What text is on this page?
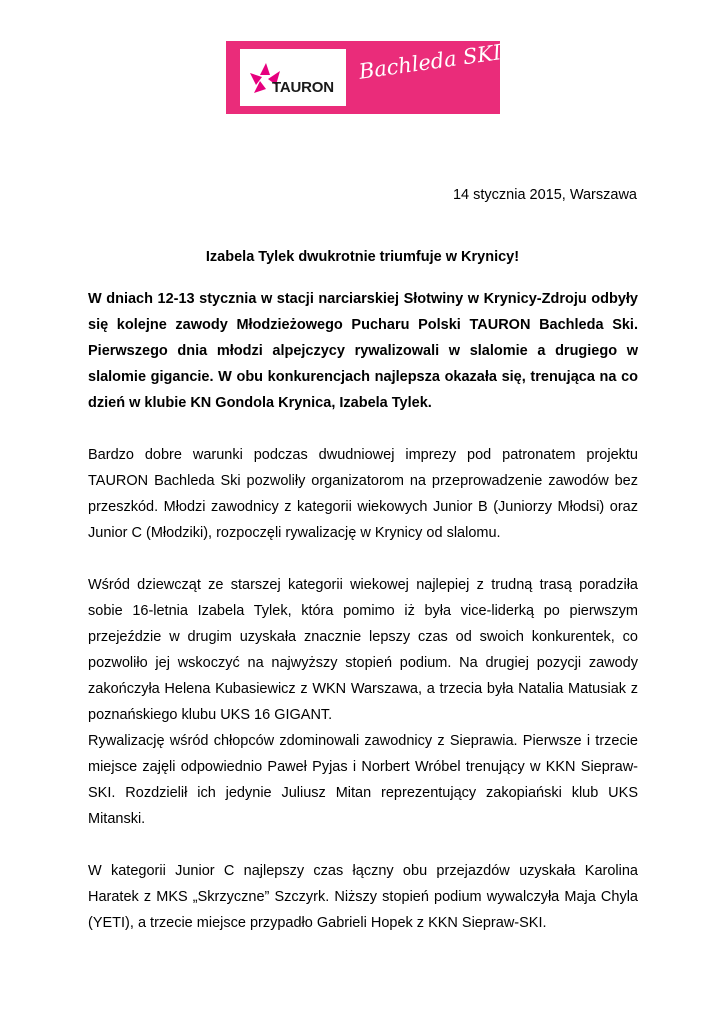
TAURON
Bachleda SKI
14 stycznia 2015, Warszawa
Izabela Tylek dwukrotnie triumfuje w Krynicy!

W dniach 12-13 stycznia w stacji narciarskiej Słotwiny w Krynicy-Zdroju odbyły się kolejne zawody Młodzieżowego Pucharu Polski TAURON Bachleda Ski. Pierwszego dnia młodzi alpejczycy rywalizowali w slalomie a drugiego w slalomie gigancie. W obu konkurencjach najlepsza okazała się, trenująca na co dzień w klubie KN Gondola Krynica, Izabela Tylek.

Bardzo dobre warunki podczas dwudniowej imprezy pod patronatem projektu TAURON Bachleda Ski pozwoliły organizatorom na przeprowadzenie zawodów bez przeszkód. Młodzi zawodnicy z kategorii wiekowych Junior B (Juniorzy Młodsi) oraz Junior C (Młodziki), rozpoczęli rywalizację w Krynicy od slalomu.

Wśród dziewcząt ze starszej kategorii wiekowej najlepiej z trudną trasą poradziła sobie 16-letnia Izabela Tylek, która pomimo iż była vice-liderką po pierwszym przejeździe w drugim uzyskała znacznie lepszy czas od swoich konkurentek, co pozwoliło jej wskoczyć na najwyższy stopień podium. Na drugiej pozycji zawody zakończyła Helena Kubasiewicz z WKN Warszawa, a trzecia była Natalia Matusiak z poznańskiego klubu UKS 16 GIGANT.

Rywalizację wśród chłopców zdominowali zawodnicy z Sieprawia. Pierwsze i trzecie miejsce zajęli odpowiednio Paweł Pyjas i Norbert Wróbel trenujący w KKN Siepraw-SKI. Rozdzielił ich jedynie Juliusz Mitan reprezentujący zakopiański klub UKS Mitanski.

W kategorii Junior C najlepszy czas łączny obu przejazdów uzyskała Karolina Haratek z MKS „Skrzyczne” Szczyrk. Niższy stopień podium wywalczyła Maja Chyla (YETI), a trzecie miejsce przypadło Gabrieli Hopek z KKN Siepraw-SKI.
